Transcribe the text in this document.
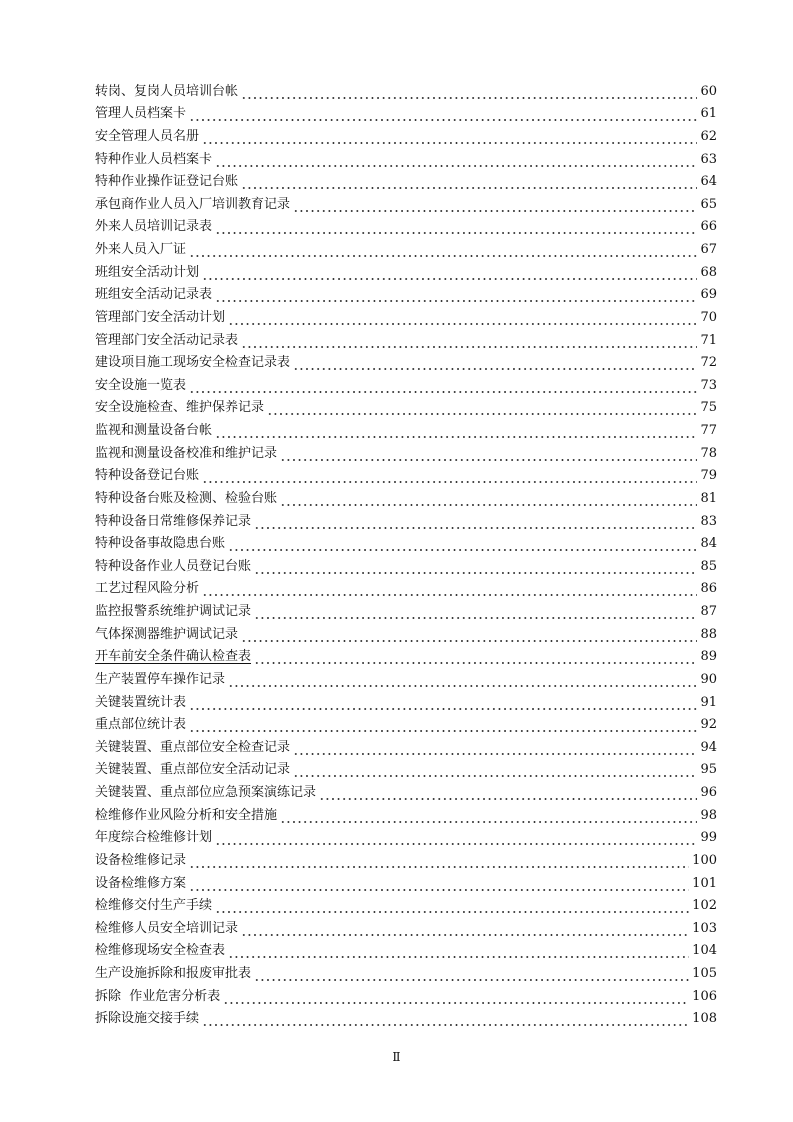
转岗、复岗人员培训台帐	60
管理人员档案卡	61
安全管理人员名册	62
特种作业人员档案卡	63
特种作业操作证登记台账	64
承包商作业人员入厂培训教育记录	65
外来人员培训记录表	66
外来人员入厂证	67
班组安全活动计划	68
班组安全活动记录表	69
管理部门安全活动计划	70
管理部门安全活动记录表	71
建设项目施工现场安全检查记录表	72
安全设施一览表	73
安全设施检查、维护保养记录	75
监视和测量设备台帐	77
监视和测量设备校准和维护记录	78
特种设备登记台账	79
特种设备台账及检测、检验台账	81
特种设备日常维修保养记录	83
特种设备事故隐患台账	84
特种设备作业人员登记台账	85
工艺过程风险分析	86
监控报警系统维护调试记录	87
气体探测器维护调试记录	88
开车前安全条件确认检查表	89
生产装置停车操作记录	90
关键装置统计表	91
重点部位统计表	92
关键装置、重点部位安全检查记录	94
关键装置、重点部位安全活动记录	95
关键装置、重点部位应急预案演练记录	96
检维修作业风险分析和安全措施	98
年度综合检维修计划	99
设备检维修记录	100
设备检维修方案	101
检维修交付生产手续	102
检维修人员安全培训记录	103
检维修现场安全检查表	104
生产设施拆除和报废审批表	105
拆除  作业危害分析表	106
拆除设施交接手续	108
Ⅱ
